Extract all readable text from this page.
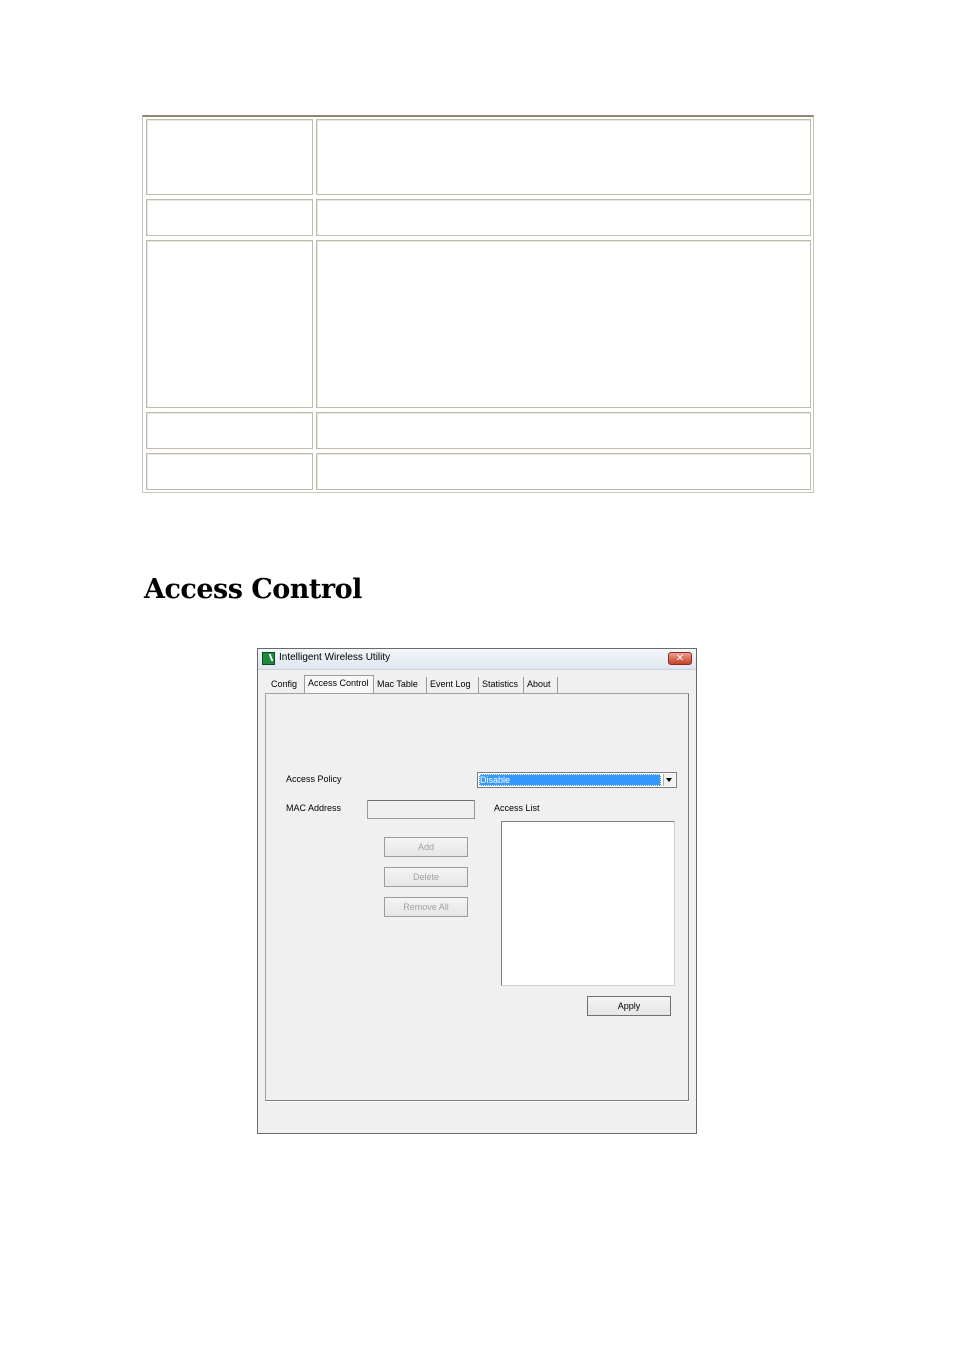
Access Control
Intelligent Wireless Utility	✕
Config	Access Control Mac Table	Event Log	Statistics About
Access Policy	Disable
MAC Address	Access List
Add
Delete
Remove All
Apply
